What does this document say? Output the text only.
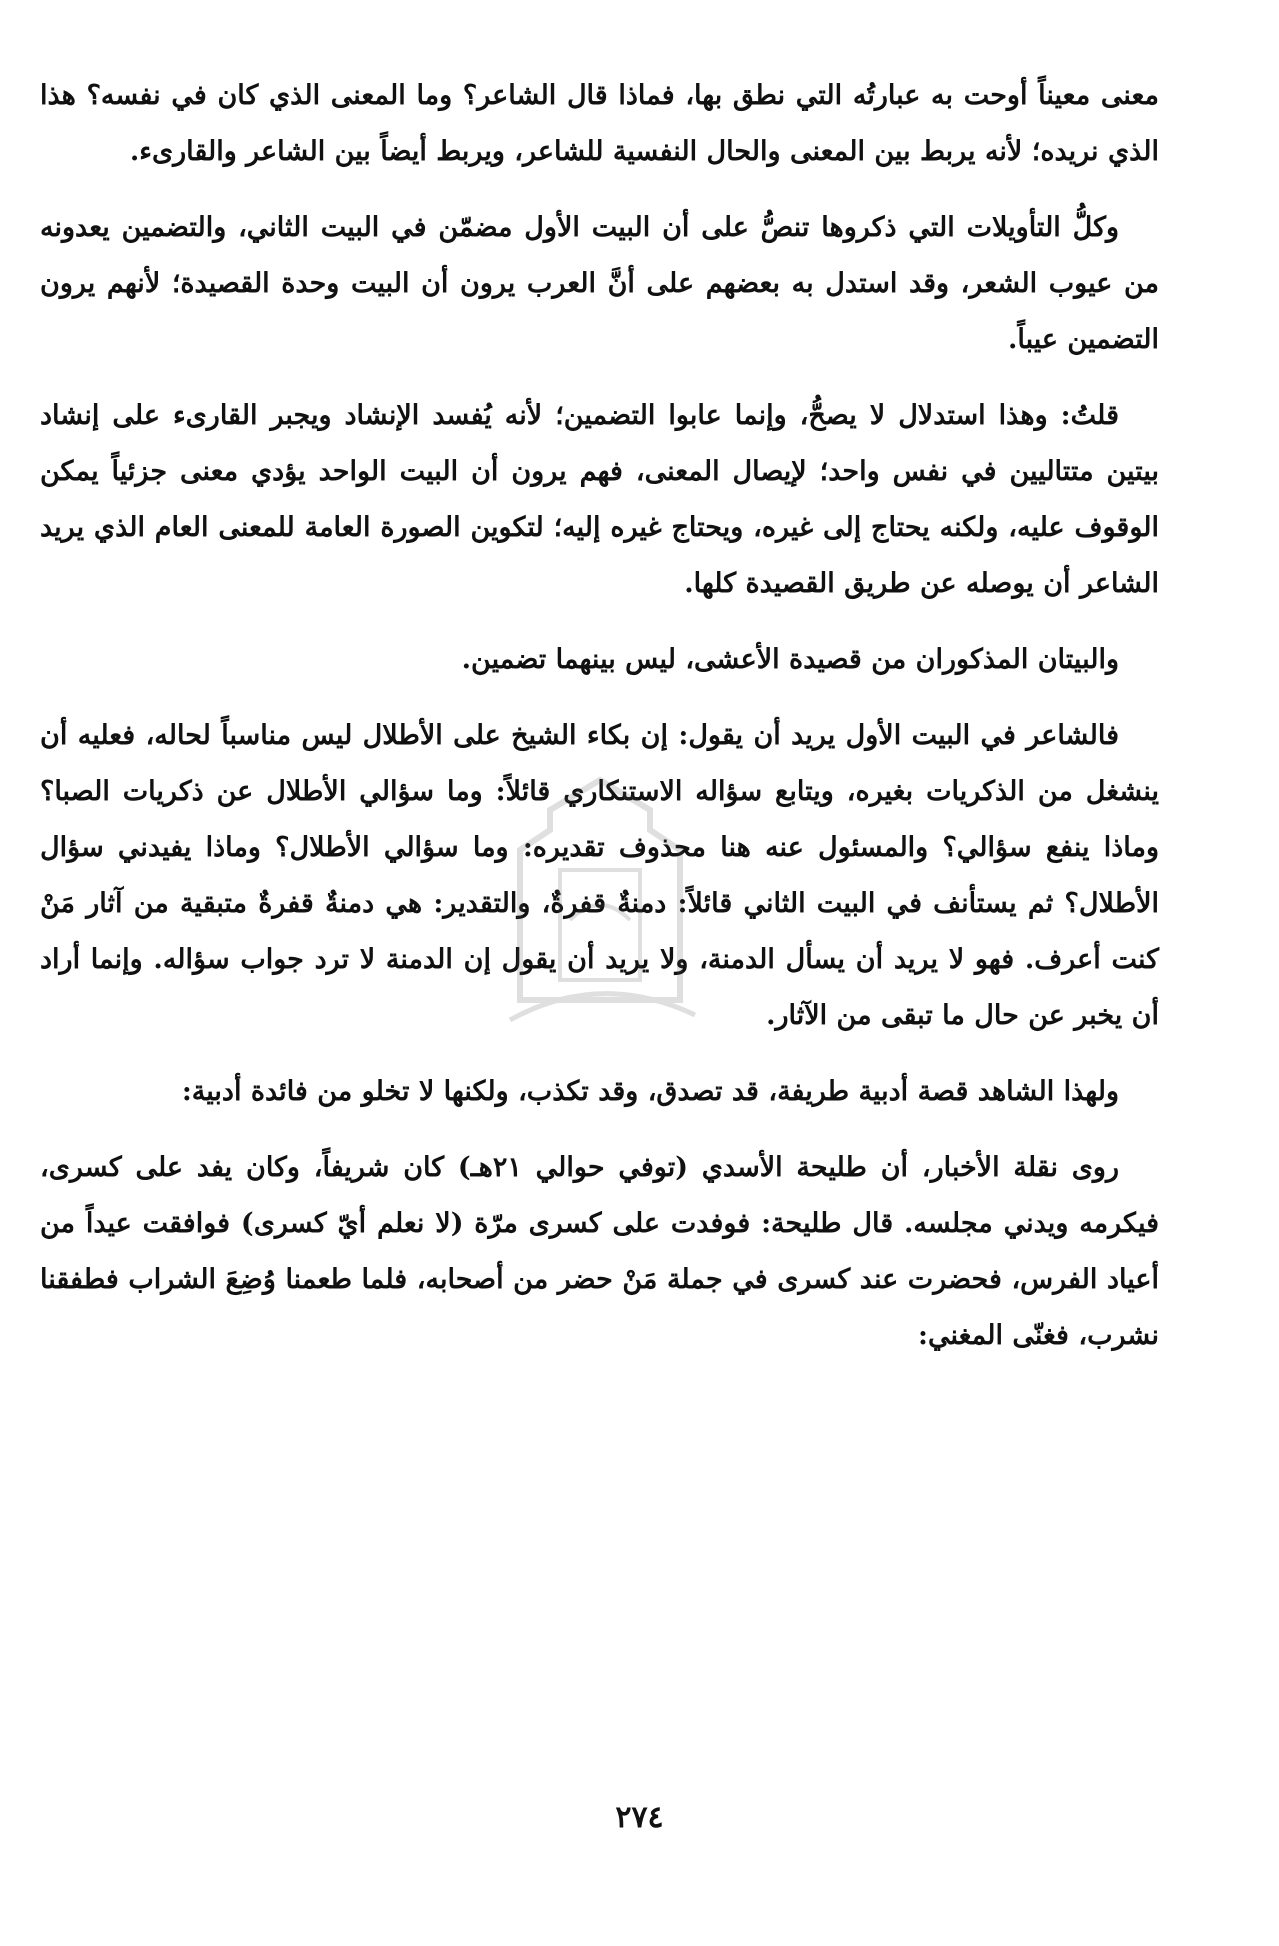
معنى معيناً أوحت به عبارتُه التي نطق بها، فماذا قال الشاعر؟ وما المعنى الذي كان في نفسه؟ هذا الذي نريده؛ لأنه يربط بين المعنى والحال النفسية للشاعر، ويربط أيضاً بين الشاعر والقارىء.

وكلُّ التأويلات التي ذكروها تنصُّ على أن البيت الأول مضمّن في البيت الثاني، والتضمين يعدونه من عيوب الشعر، وقد استدل به بعضهم على أنَّ العرب يرون أن البيت وحدة القصيدة؛ لأنهم يرون التضمين عيباً.

قلتُ: وهذا استدلال لا يصحُّ، وإنما عابوا التضمين؛ لأنه يُفسد الإنشاد ويجبر القارىء على إنشاد بيتين متتاليين في نفس واحد؛ لإيصال المعنى، فهم يرون أن البيت الواحد يؤدي معنى جزئياً يمكن الوقوف عليه، ولكنه يحتاج إلى غيره، ويحتاج غيره إليه؛ لتكوين الصورة العامة للمعنى العام الذي يريد الشاعر أن يوصله عن طريق القصيدة كلها.

والبيتان المذكوران من قصيدة الأعشى، ليس بينهما تضمين.

فالشاعر في البيت الأول يريد أن يقول: إن بكاء الشيخ على الأطلال ليس مناسباً لحاله، فعليه أن ينشغل من الذكريات بغيره، ويتابع سؤاله الاستنكاري قائلاً: وما سؤالي الأطلال عن ذكريات الصبا؟ وماذا ينفع سؤالي؟ والمسئول عنه هنا محذوف تقديره: وما سؤالي الأطلال؟ وماذا يفيدني سؤال الأطلال؟ ثم يستأنف في البيت الثاني قائلاً: دمنةٌ قفرةٌ، والتقدير: هي دمنةٌ قفرةٌ متبقية من آثار مَنْ كنت أعرف. فهو لا يريد أن يسأل الدمنة، ولا يريد أن يقول إن الدمنة لا ترد جواب سؤاله. وإنما أراد أن يخبر عن حال ما تبقى من الآثار.

ولهذا الشاهد قصة أدبية طريفة، قد تصدق، وقد تكذب، ولكنها لا تخلو من فائدة أدبية:

روى نقلة الأخبار، أن طليحة الأسدي (توفي حوالي ٢١هـ) كان شريفاً، وكان يفد على كسرى، فيكرمه ويدني مجلسه. قال طليحة: فوفدت على كسرى مرّة (لا نعلم أيّ كسرى) فوافقت عيداً من أعياد الفرس، فحضرت عند كسرى في جملة مَنْ حضر من أصحابه، فلما طعمنا وُضِعَ الشراب فطفقنا نشرب، فغنّى المغني:

٢٧٤
